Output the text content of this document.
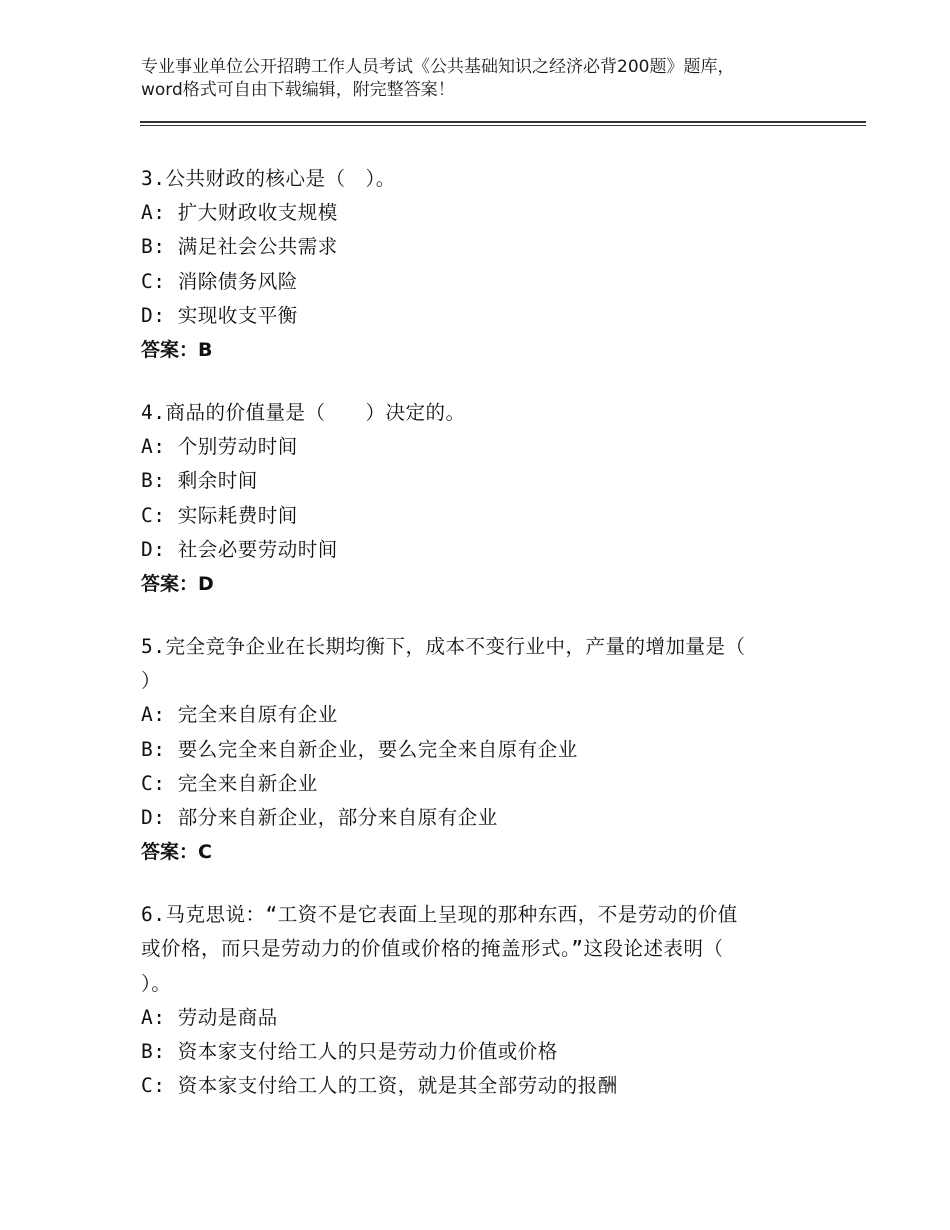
专业事业单位公开招聘工作人员考试《公共基础知识之经济必背200题》题库，word格式可自由下载编辑，附完整答案！
3.公共财政的核心是（　）。
A: 扩大财政收支规模
B: 满足社会公共需求
C: 消除债务风险
D: 实现收支平衡
答案：B
4.商品的价值量是（　　）决定的。
A: 个别劳动时间
B: 剩余时间
C: 实际耗费时间
D: 社会必要劳动时间
答案：D
5.完全竞争企业在长期均衡下，成本不变行业中，产量的增加量是（
）
A: 完全来自原有企业
B: 要么完全来自新企业，要么完全来自原有企业
C: 完全来自新企业
D: 部分来自新企业，部分来自原有企业
答案：C
6.马克思说：“工资不是它表面上呈现的那种东西，不是劳动的价值
或价格，而只是劳动力的价值或价格的掩盖形式。”这段论述表明（
）。
A: 劳动是商品
B: 资本家支付给工人的只是劳动力价值或价格
C: 资本家支付给工人的工资，就是其全部劳动的报酬
